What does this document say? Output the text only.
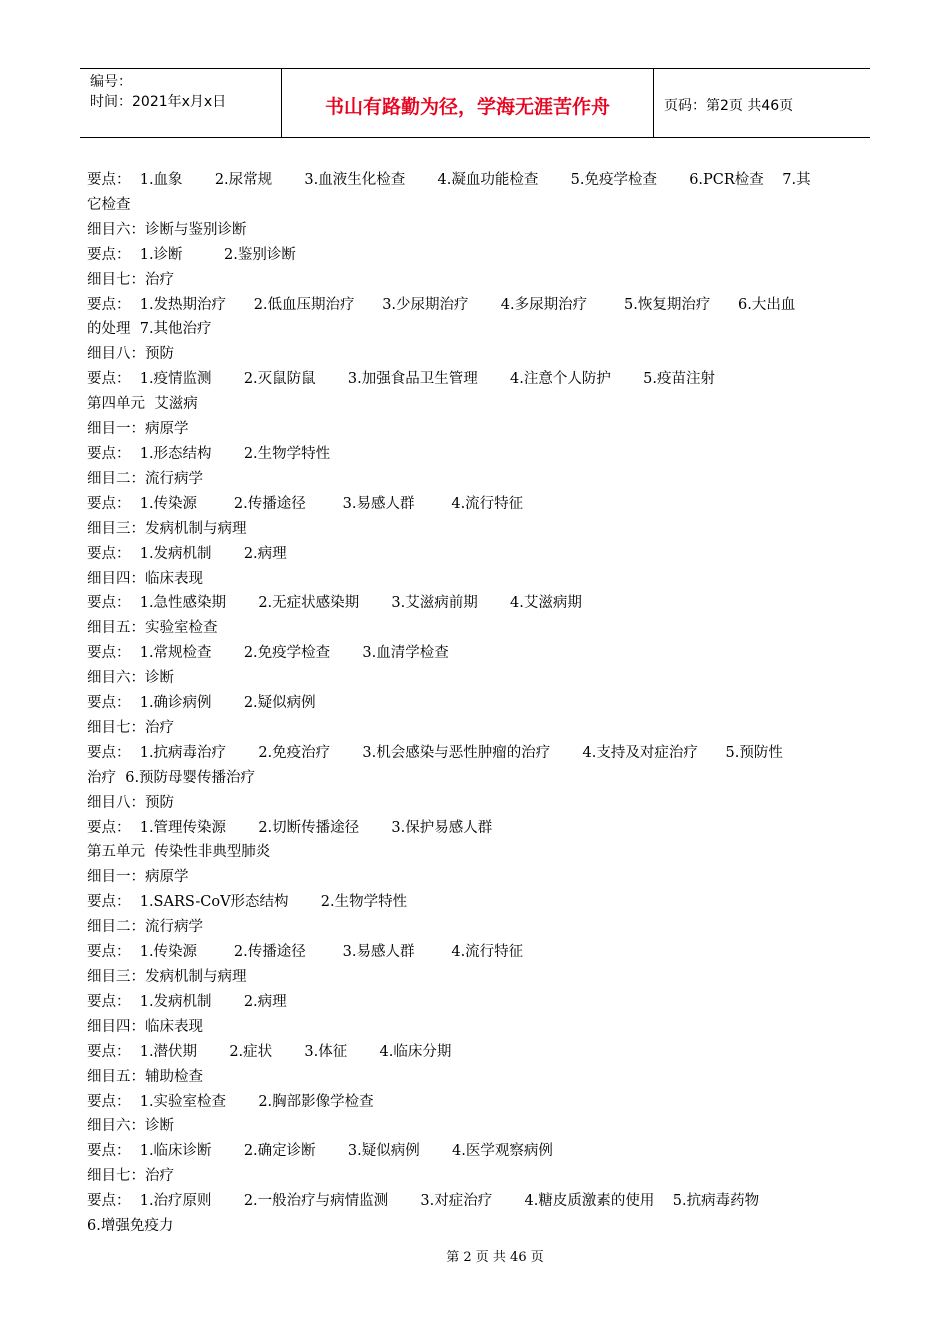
编号：
时间：2021年x月x日	书山有路勤为径，学海无涯苦作舟	页码：第2页 共46页

要点：  1.血象       2.尿常规       3.血液生化检查       4.凝血功能检查       5.免疫学检查       6.PCR检查    7.其

它检查

细目六：诊断与鉴别诊断

要点：  1.诊断         2.鉴别诊断

细目七：治疗

要点：  1.发热期治疗      2.低血压期治疗      3.少尿期治疗       4.多尿期治疗        5.恢复期治疗      6.大出血

的处理  7.其他治疗

细目八：预防

要点：  1.疫情监测       2.灭鼠防鼠       3.加强食品卫生管理       4.注意个人防护       5.疫苗注射

第四单元  艾滋病

细目一：病原学

要点：  1.形态结构       2.生物学特性

细目二：流行病学

要点：  1.传染源        2.传播途径        3.易感人群        4.流行特征

细目三：发病机制与病理

要点：  1.发病机制       2.病理

细目四：临床表现

要点：  1.急性感染期       2.无症状感染期       3.艾滋病前期       4.艾滋病期

细目五：实验室检查

要点：  1.常规检查       2.免疫学检查       3.血清学检查

细目六：诊断

要点：  1.确诊病例       2.疑似病例

细目七：治疗

要点：  1.抗病毒治疗       2.免疫治疗       3.机会感染与恶性肿瘤的治疗       4.支持及对症治疗      5.预防性

治疗  6.预防母婴传播治疗

细目八：预防

要点：  1.管理传染源       2.切断传播途径       3.保护易感人群

第五单元  传染性非典型肺炎

细目一：病原学

要点：  1.SARS-CoV形态结构       2.生物学特性

细目二：流行病学

要点：  1.传染源        2.传播途径        3.易感人群        4.流行特征

细目三：发病机制与病理

要点：  1.发病机制       2.病理

细目四：临床表现

要点：  1.潜伏期       2.症状       3.体征       4.临床分期

细目五：辅助检查

要点：  1.实验室检查       2.胸部影像学检查

细目六：诊断

要点：  1.临床诊断       2.确定诊断       3.疑似病例       4.医学观察病例

细目七：治疗

要点：  1.治疗原则       2.一般治疗与病情监测       3.对症治疗       4.糖皮质激素的使用    5.抗病毒药物

6.增强免疫力

第 2 页 共 46 页
